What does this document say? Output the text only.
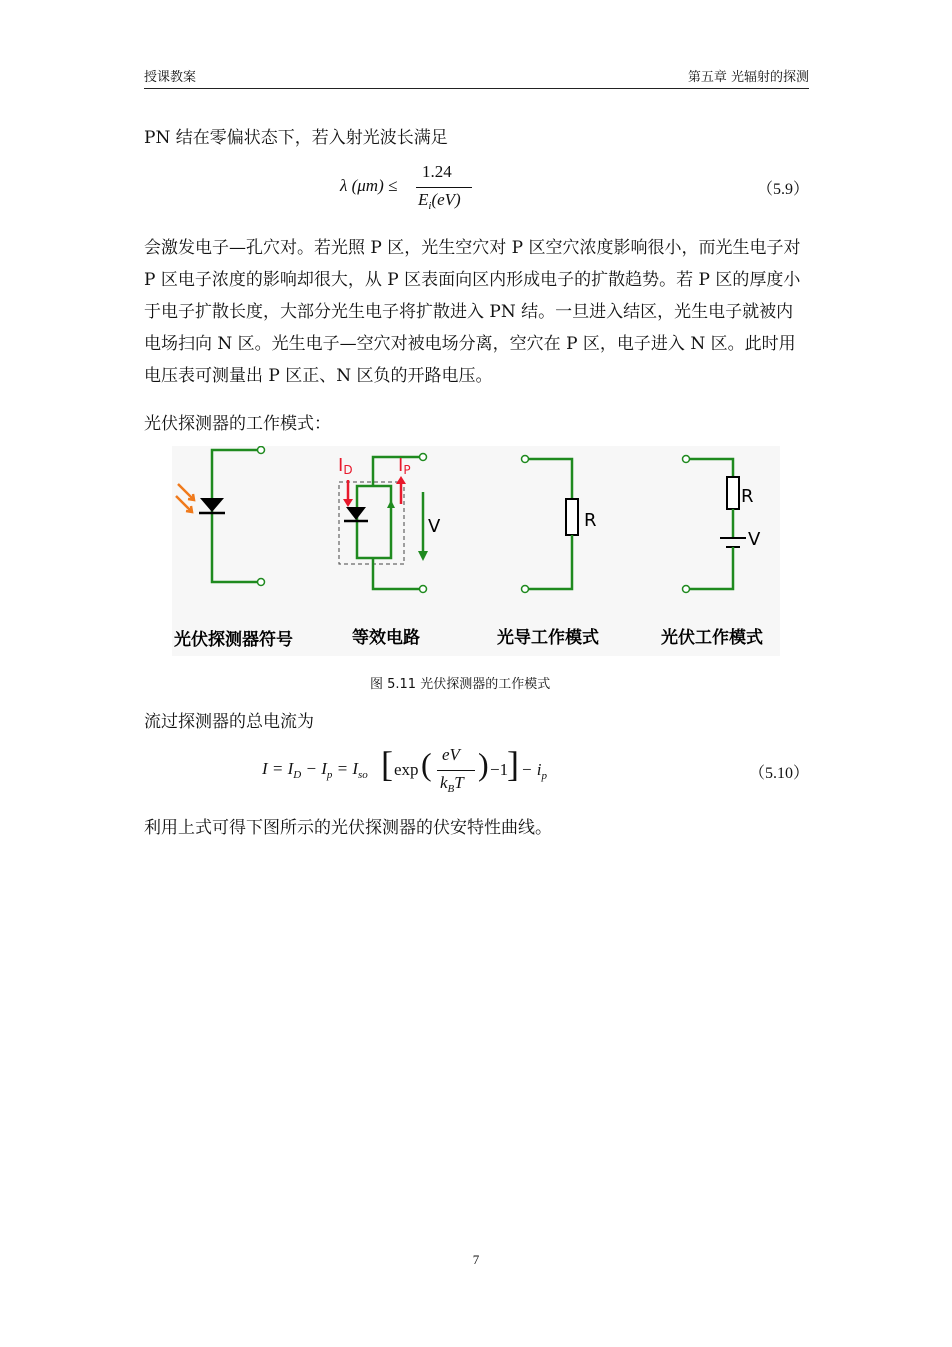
授课教案	第五章 光辐射的探测
PN 结在零偏状态下，若入射光波长满足
λ (μm) ≤
1.24
$E_i(eV)$
（5.9）
会激发电子—孔穴对。若光照 P 区，光生空穴对 P 区空穴浓度影响很小，而光生电子对 P 区电子浓度的影响却很大，从 P 区表面向区内形成电子的扩散趋势。若 P 区的厚度小于电子扩散长度，大部分光生电子将扩散进入 PN 结。一旦进入结区，光生电子就被内电场扫向 N 区。光生电子—空穴对被电场分离，空穴在 P 区，电子进入 N 区。此时用电压表可测量出 P 区正、N 区负的开路电压。
光伏探测器的工作模式：
ID	IP
V	R
R
V
光伏探测器符号	等效电路	光导工作模式	光伏工作模式
图 5.11 光伏探测器的工作模式
流过探测器的总电流为
$I = I_D - I_p = I_{so}$ [ exp ( eV
$k_BT$
) −1
] − $i_p$	（5.10）
利用上式可得下图所示的光伏探测器的伏安特性曲线。
7
